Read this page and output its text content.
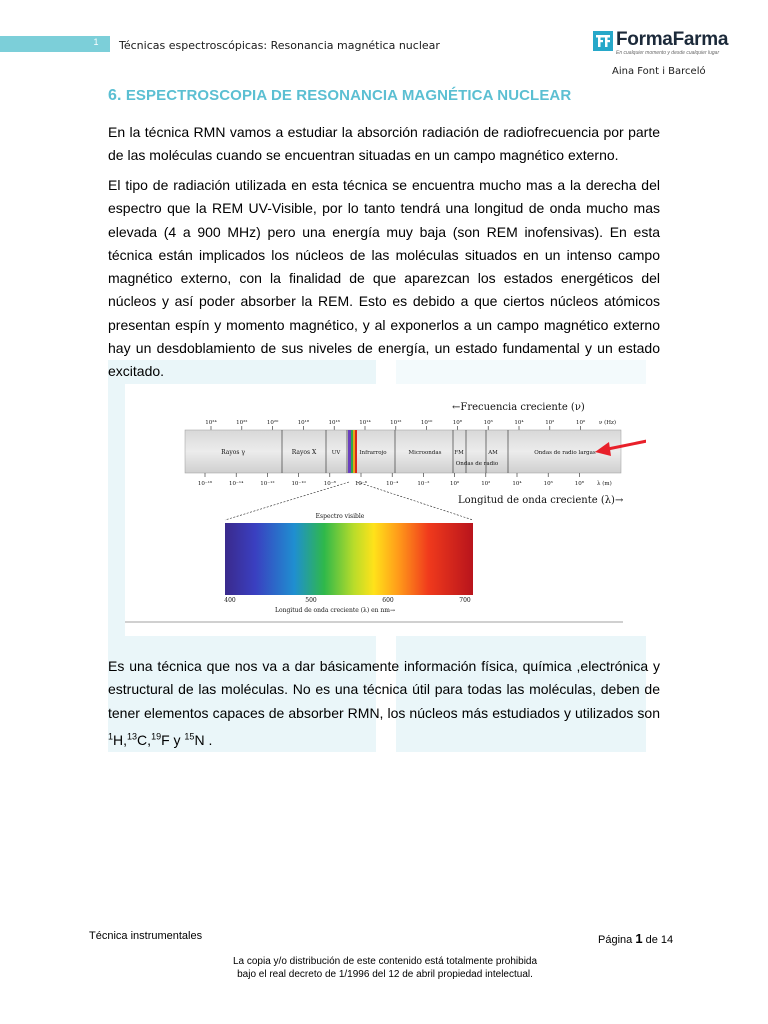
1	Técnicas espectroscópicas: Resonancia magnética nuclear	FormaFarma
En cualquier momento y desde cualquier lugar
Aina Font i Barceló
6. ESPECTROSCOPIA DE RESONANCIA MAGNÉTICA NUCLEAR
En la técnica RMN vamos a estudiar la absorción radiación de radiofrecuencia por parte de las moléculas cuando se encuentran situadas en un campo magnético externo.
El tipo de radiación utilizada en esta técnica se encuentra mucho mas a la derecha del espectro que la REM UV-Visible, por lo tanto tendrá una longitud de onda mucho mas elevada (4 a 900 MHz) pero una energía muy baja (son REM inofensivas). En esta técnica están implicados los núcleos de las moléculas situados en un intenso campo magnético externo, con la finalidad de que aparezcan los estados energéticos del núcleos y así poder absorber la REM. Esto es debido a que ciertos núcleos atómicos presentan espín y momento magnético, y al exponerlos a un campo magnético externo hay un desdoblamiento de sus niveles de energía, un estado fundamental y un estado excitado.
←Frecuencia creciente (ν)
10²⁴	10²²	10²⁰	10¹⁸	10¹⁶	10¹⁴	10¹²	10¹⁰	10⁸	10⁶	10⁴	10²	10⁰	ν (Hz)
Rayos γ	Rayos X	UV	Infrarrojo	Microondas FM
Ondas de radio
AM	Ondas de radio largas
10⁻¹⁶	10⁻¹⁴	10⁻¹²	10⁻¹⁰	10⁻⁸	10⁻⁶	10⁻⁴	10⁻²	10⁰	10²	10⁴	10⁶	10⁸ λ (m)
Longitud de onda creciente (λ)→
Espectro visible
400	500	600	700
Longitud de onda creciente (λ) en nm→
Es una técnica que nos va a dar básicamente información física, química ,electrónica y estructural de las moléculas. No es una técnica útil para todas las moléculas, deben de tener elementos capaces de absorber RMN, los núcleos más estudiados y utilizados son $^1$H,$^{13}$C,$^{19}$F y $^{15}$N .
Técnica instrumentales	Página 1 de 14
La copia y/o distribución de este contenido está totalmente prohibida
bajo el real decreto de 1/1996 del 12 de abril propiedad intelectual.
